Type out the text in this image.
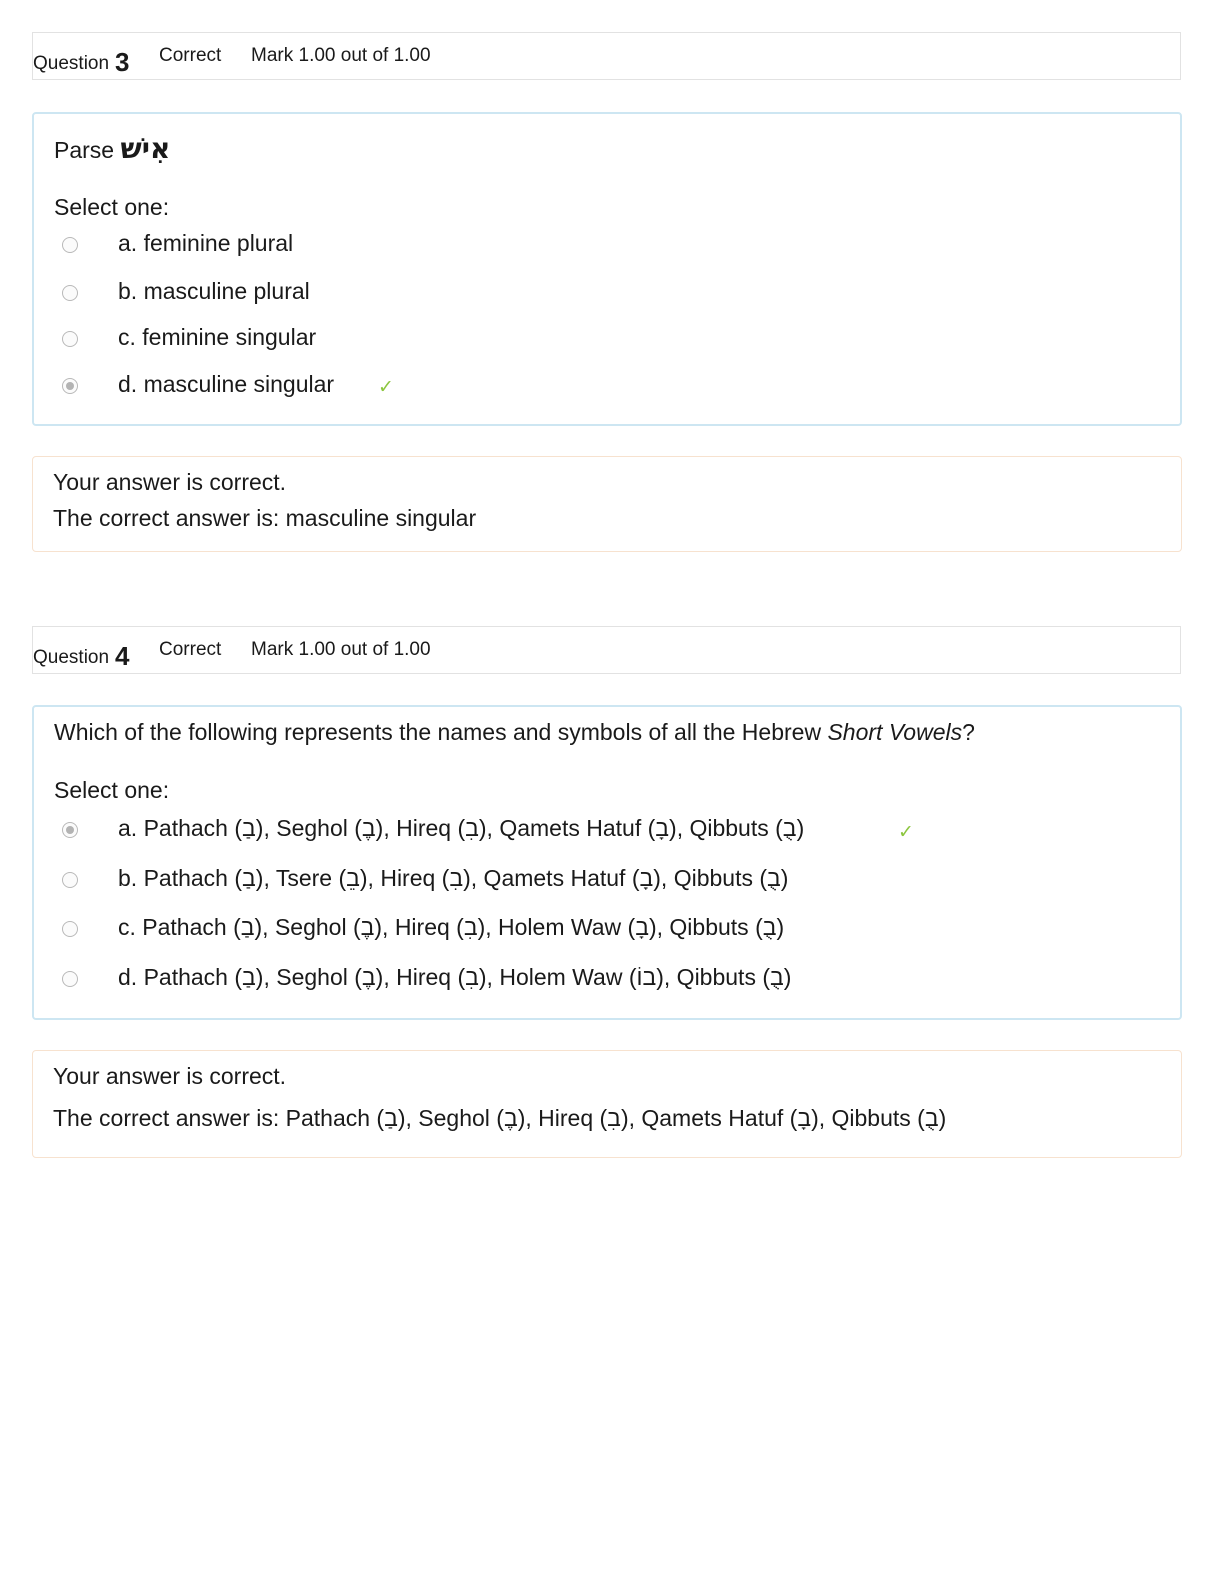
Question 3 Correct Mark 1.00 out of 1.00
Parse אִישׁ
Select one:
a. feminine plural
b. masculine plural
c. feminine singular
d. masculine singular ✓
Your answer is correct.
The correct answer is: masculine singular
Question 4 Correct Mark 1.00 out of 1.00
Which of the following represents the names and symbols of all the Hebrew Short Vowels?
Select one:
a. Pathach (בַ), Seghol (בֶ), Hireq (בִ), Qamets Hatuf (בָ), Qibbuts (בֻ)	✓
b. Pathach (בַ), Tsere (בֵ), Hireq (בִ), Qamets Hatuf (בָ), Qibbuts (בֻ)
c. Pathach (בַ), Seghol (בֶ), Hireq (בִ), Holem Waw (בָ), Qibbuts (בֻ)
d. Pathach (בַ), Seghol (בֶ), Hireq (בִ), Holem Waw (בוֹ), Qibbuts (בֻ)
Your answer is correct.
The correct answer is: Pathach (בַ), Seghol (בֶ), Hireq (בִ), Qamets Hatuf (בָ), Qibbuts (בֻ)
